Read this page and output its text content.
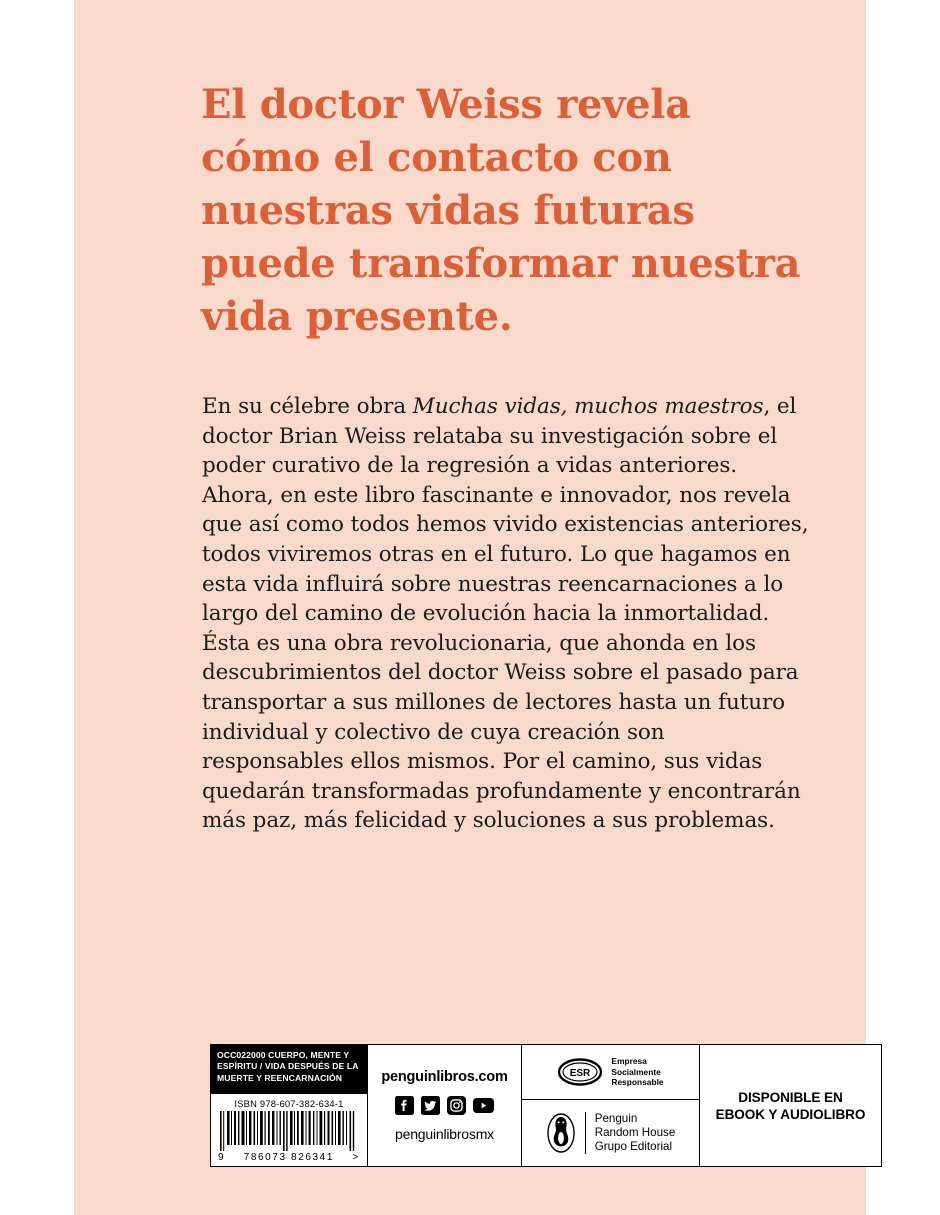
El doctor Weiss revela cómo el contacto con nuestras vidas futuras puede transformar nuestra vida presente.
En su célebre obra Muchas vidas, muchos maestros, el doctor Brian Weiss relataba su investigación sobre el poder curativo de la regresión a vidas anteriores. Ahora, en este libro fascinante e innovador, nos revela que así como todos hemos vivido existencias anteriores, todos viviremos otras en el futuro. Lo que hagamos en esta vida influirá sobre nuestras reencarnaciones a lo largo del camino de evolución hacia la inmortalidad. Ésta es una obra revolucionaria, que ahonda en los descubrimientos del doctor Weiss sobre el pasado para transportar a sus millones de lectores hasta un futuro individual y colectivo de cuya creación son responsables ellos mismos. Por el camino, sus vidas quedarán transformadas profundamente y encontrarán más paz, más felicidad y soluciones a sus problemas.
OCC022000 CUERPO, MENTE Y ESPÍRITU / VIDA DESPUÉS DE LA MUERTE Y REENCARNACIÓN
ISBN 978-607-382-634-1
9 786073 826341 >
penguinlibros.com
penguinlibrosmx
ESR
Empresa
Socialmente
Responsable
Penguin
Random House
Grupo Editorial
DISPONIBLE EN
EBOOK Y AUDIOLIBRO
